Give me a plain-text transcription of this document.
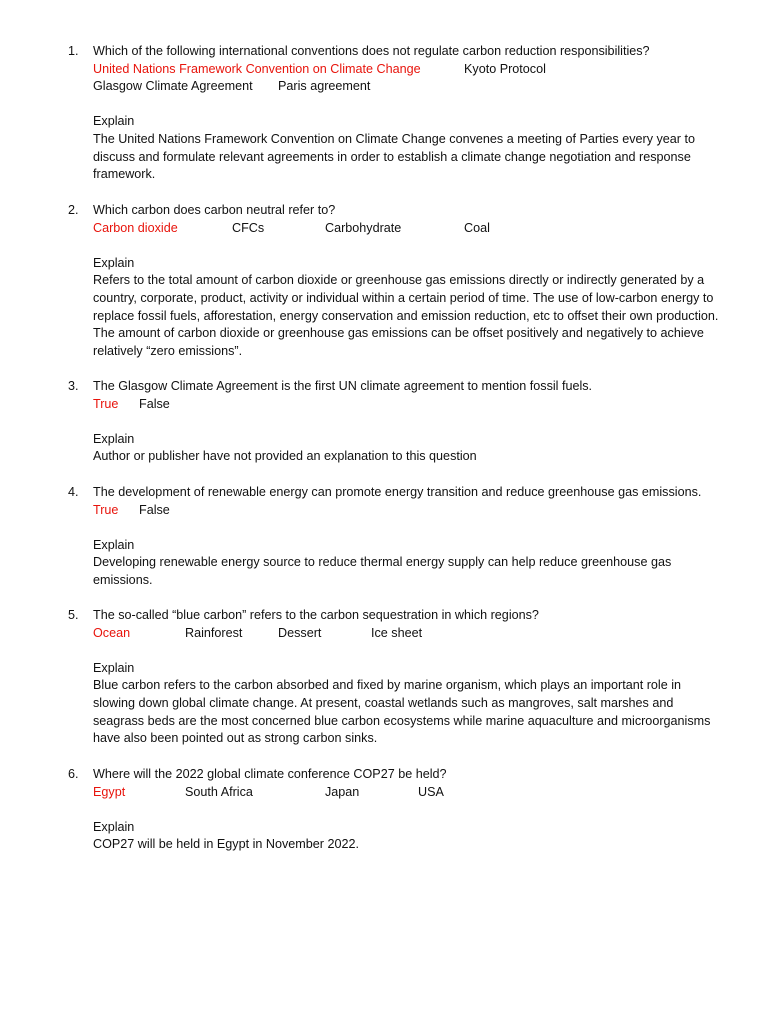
1. Which of the following international conventions does not regulate carbon reduction responsibilities?
United Nations Framework Convention on Climate Change	Kyoto Protocol
Glasgow Climate Agreement Paris agreement
Explain
The United Nations Framework Convention on Climate Change convenes a meeting of Parties every year to discuss and formulate relevant agreements in order to establish a climate change negotiation and response framework.
2. Which carbon does carbon neutral refer to?
Carbon dioxide	CFCs	Carbohydrate	Coal
Explain
Refers to the total amount of carbon dioxide or greenhouse gas emissions directly or indirectly generated by a country, corporate, product, activity or individual within a certain period of time. The use of low-carbon energy to replace fossil fuels, afforestation, energy conservation and emission reduction, etc to offset their own production. The amount of carbon dioxide or greenhouse gas emissions can be offset positively and negatively to achieve relatively “zero emissions”.
3. The Glasgow Climate Agreement is the first UN climate agreement to mention fossil fuels.
True False
Explain
Author or publisher have not provided an explanation to this question
4. The development of renewable energy can promote energy transition and reduce greenhouse gas emissions.
True False
Explain
Developing renewable energy source to reduce thermal energy supply can help reduce greenhouse gas emissions.
5. The so-called “blue carbon” refers to the carbon sequestration in which regions?
Ocean	Rainforest	Dessert	Ice sheet
Explain
Blue carbon refers to the carbon absorbed and fixed by marine organism, which plays an important role in slowing down global climate change. At present, coastal wetlands such as mangroves, salt marshes and seagrass beds are the most concerned blue carbon ecosystems while marine aquaculture and microorganisms have also been pointed out as strong carbon sinks.
6. Where will the 2022 global climate conference COP27 be held?
Egypt	South Africa	Japan	USA
Explain
COP27 will be held in Egypt in November 2022.
